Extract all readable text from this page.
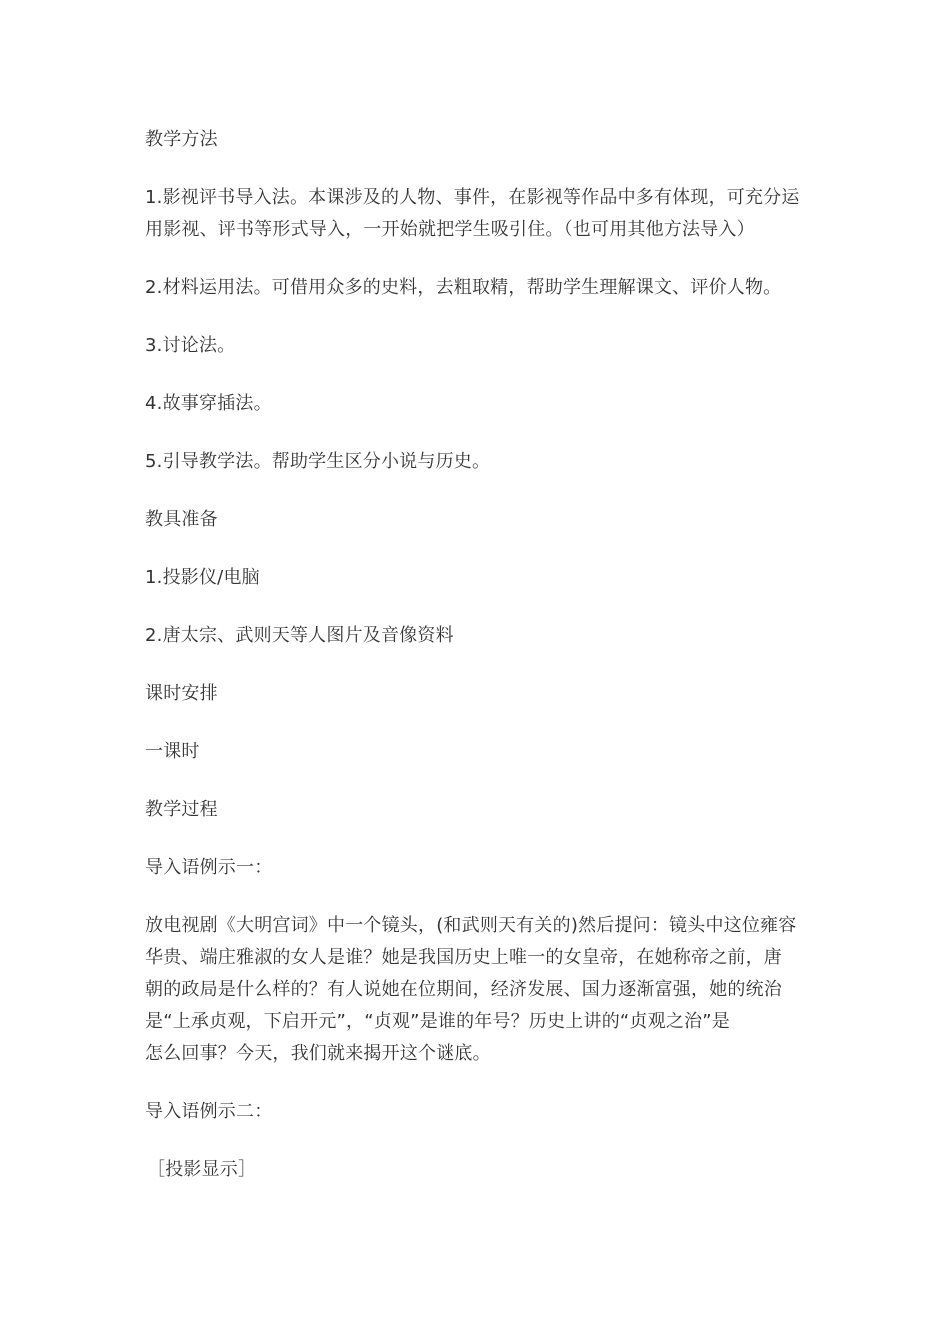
教学方法

1.影视评书导入法。本课涉及的人物、事件，在影视等作品中多有体现，可充分运
用影视、评书等形式导入，一开始就把学生吸引住。（也可用其他方法导入）

2.材料运用法。可借用众多的史料，去粗取精，帮助学生理解课文、评价人物。

3.讨论法。

4.故事穿插法。

5.引导教学法。帮助学生区分小说与历史。

教具准备

1.投影仪/电脑

2.唐太宗、武则天等人图片及音像资料

课时安排

一课时

教学过程

导入语例示一：

放电视剧《大明宫词》中一个镜头，(和武则天有关的)然后提问：镜头中这位雍容
华贵、端庄雅淑的女人是谁？她是我国历史上唯一的女皇帝，在她称帝之前，唐
朝的政局是什么样的？有人说她在位期间，经济发展、国力逐渐富强，她的统治
是“上承贞观，下启开元”，“贞观”是谁的年号？历史上讲的“贞观之治”是
怎么回事？今天，我们就来揭开这个谜底。

导入语例示二：

［投影显示］
